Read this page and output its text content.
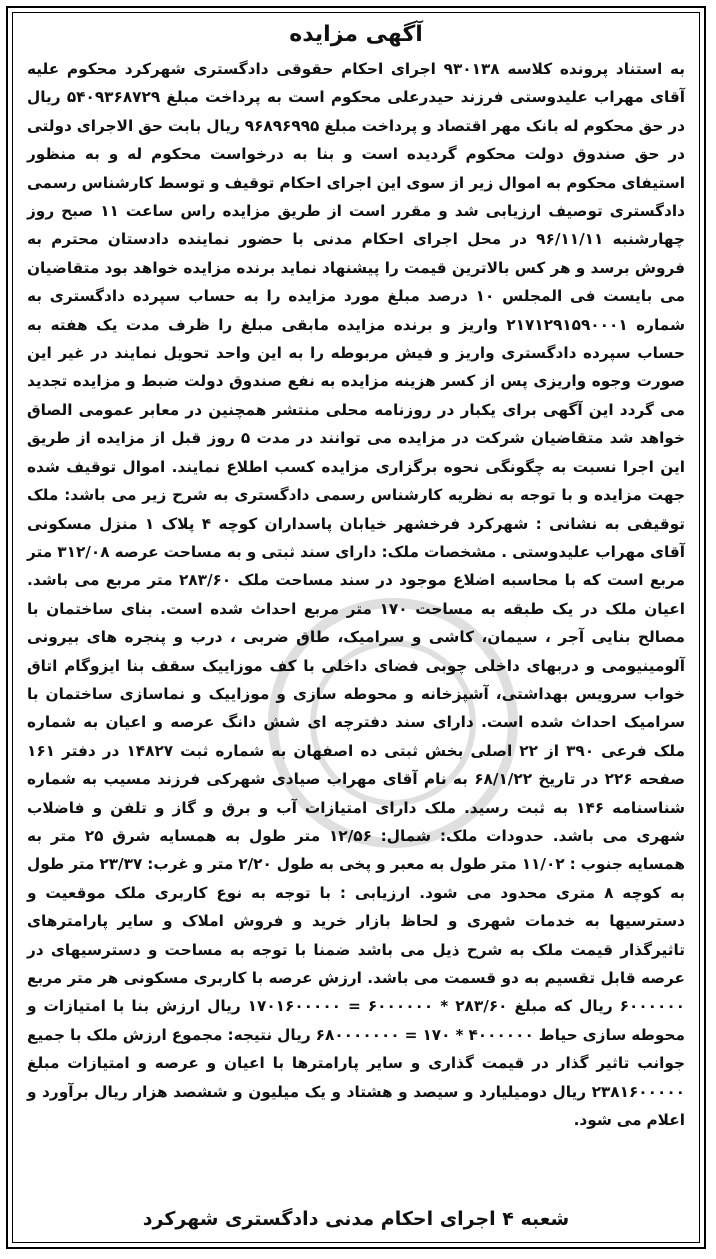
آگهی مزایده

به استناد پرونده کلاسه ۹۳۰۱۳۸ اجرای احکام حقوقی دادگستری شهرکرد محکوم علیه آقای مهراب علیدوستی فرزند حیدرعلی محکوم است به پرداخت مبلغ ۵۴۰۹۳۶۸۷۲۹ ریال در حق محکوم له بانک مهر اقتصاد و پرداخت مبلغ ۹۶۸۹۶۹۹۵ ریال بابت حق الاجرای دولتی در حق صندوق دولت محکوم گردیده است و بنا به درخواست محکوم له و به منظور استیفای محکوم به اموال زیر از سوی این اجرای احکام توقیف و توسط کارشناس رسمی دادگستری توصیف ارزیابی شد و مقرر است از طریق مزایده راس ساعت ۱۱ صبح روز چهارشنبه ۹۶/۱۱/۱۱ در محل اجرای احکام مدنی با حضور نماینده دادستان محترم به فروش برسد و هر کس بالاترین قیمت را پیشنهاد نماید برنده مزایده خواهد بود متقاضیان می بایست فی المجلس ۱۰ درصد مبلغ مورد مزایده را به حساب سپرده دادگستری به شماره ۲۱۷۱۲۹۱۵۹۰۰۰۱ واریز و برنده مزایده مابقی مبلغ را ظرف مدت یک هفته به حساب سپرده دادگستری واریز و فیش مربوطه را به این واحد تحویل نمایند در غیر این صورت وجوه واریزی پس از کسر هزینه مزایده به نفع صندوق دولت ضبط و مزایده تجدید می گردد این آگهی برای یکبار در روزنامه محلی منتشر همچنین در معابر عمومی الصاق خواهد شد متقاضیان شرکت در مزایده می توانند در مدت ۵ روز قبل از مزایده از طریق این اجرا نسبت به چگونگی نحوه برگزاری مزایده کسب اطلاع نمایند. اموال توقیف شده جهت مزایده و با توجه به نظریه کارشناس رسمی دادگستری به شرح زیر می باشد: ملک توقیفی به نشانی : شهرکرد فرخشهر خیابان پاسداران کوچه ۴ پلاک ۱ منزل مسکونی آقای مهراب علیدوستی . مشخصات ملک: دارای سند ثبتی و به مساحت عرصه ۳۱۲/۰۸ متر مربع است که با محاسبه اضلاع موجود در سند مساحت ملک ۲۸۳/۶۰ متر مربع می باشد. اعیان ملک در یک طبقه به مساحت ۱۷۰ متر مربع احداث شده است. بنای ساختمان با مصالح بنایی آجر ، سیمان، کاشی و سرامیک، طاق ضربی ، درب و پنجره های بیرونی آلومینیومی و دربهای داخلی چوبی فضای داخلی با کف موزاییک سقف بنا ایزوگام اتاق خواب سرویس بهداشتی، آشپزخانه و محوطه سازی و موزاییک و نماسازی ساختمان با سرامیک احداث شده است. دارای سند دفترچه ای شش دانگ عرصه و اعیان به شماره ملک فرعی ۳۹۰ از ۲۲ اصلی بخش ثبتی ده اصفهان به شماره ثبت ۱۴۸۲۷ در دفتر ۱۶۱ صفحه ۲۲۶ در تاریخ ۶۸/۱/۲۲ به نام آقای مهراب صیادی شهرکی فرزند مسیب به شماره شناسنامه ۱۴۶ به ثبت رسید. ملک دارای امتیازات آب و برق و گاز و تلفن و فاضلاب شهری می باشد. حدودات ملک: شمال: ۱۲/۵۶ متر طول به همسایه شرق ۲۵ متر به همسایه جنوب : ۱۱/۰۲ متر طول به معبر و پخی به طول ۲/۲۰ متر و غرب: ۲۳/۳۷ متر طول به کوچه ۸ متری محدود می شود. ارزیابی : با توجه به نوع کاربری ملک موقعیت و دسترسیها به خدمات شهری و لحاظ بازار خرید و فروش املاک و سایر پارامترهای تاثیرگذار قیمت ملک به شرح ذیل می باشد ضمنا با توجه به مساحت و دسترسیهای در عرصه قابل تقسیم به دو قسمت می باشد. ارزش عرصه با کاربری مسکونی هر متر مربع ۶۰۰۰۰۰۰ ریال که مبلغ ۲۸۳/۶۰ * ۶۰۰۰۰۰۰ = ۱۷۰۱۶۰۰۰۰۰ ریال ارزش بنا با امتیازات و محوطه سازی حیاط ۴۰۰۰۰۰۰ * ۱۷۰ = ۶۸۰۰۰۰۰۰۰ ریال نتیجه: مجموع ارزش ملک با جمیع جوانب تاثیر گذار در قیمت گذاری و سایر پارامترها با اعیان و عرصه و امتیازات مبلغ ۲۳۸۱۶۰۰۰۰۰ ریال دومیلیارد و سیصد و هشتاد و یک میلیون و ششصد هزار ریال برآورد و اعلام می شود.

شعبه ۴ اجرای احکام مدنی دادگستری شهرکرد
